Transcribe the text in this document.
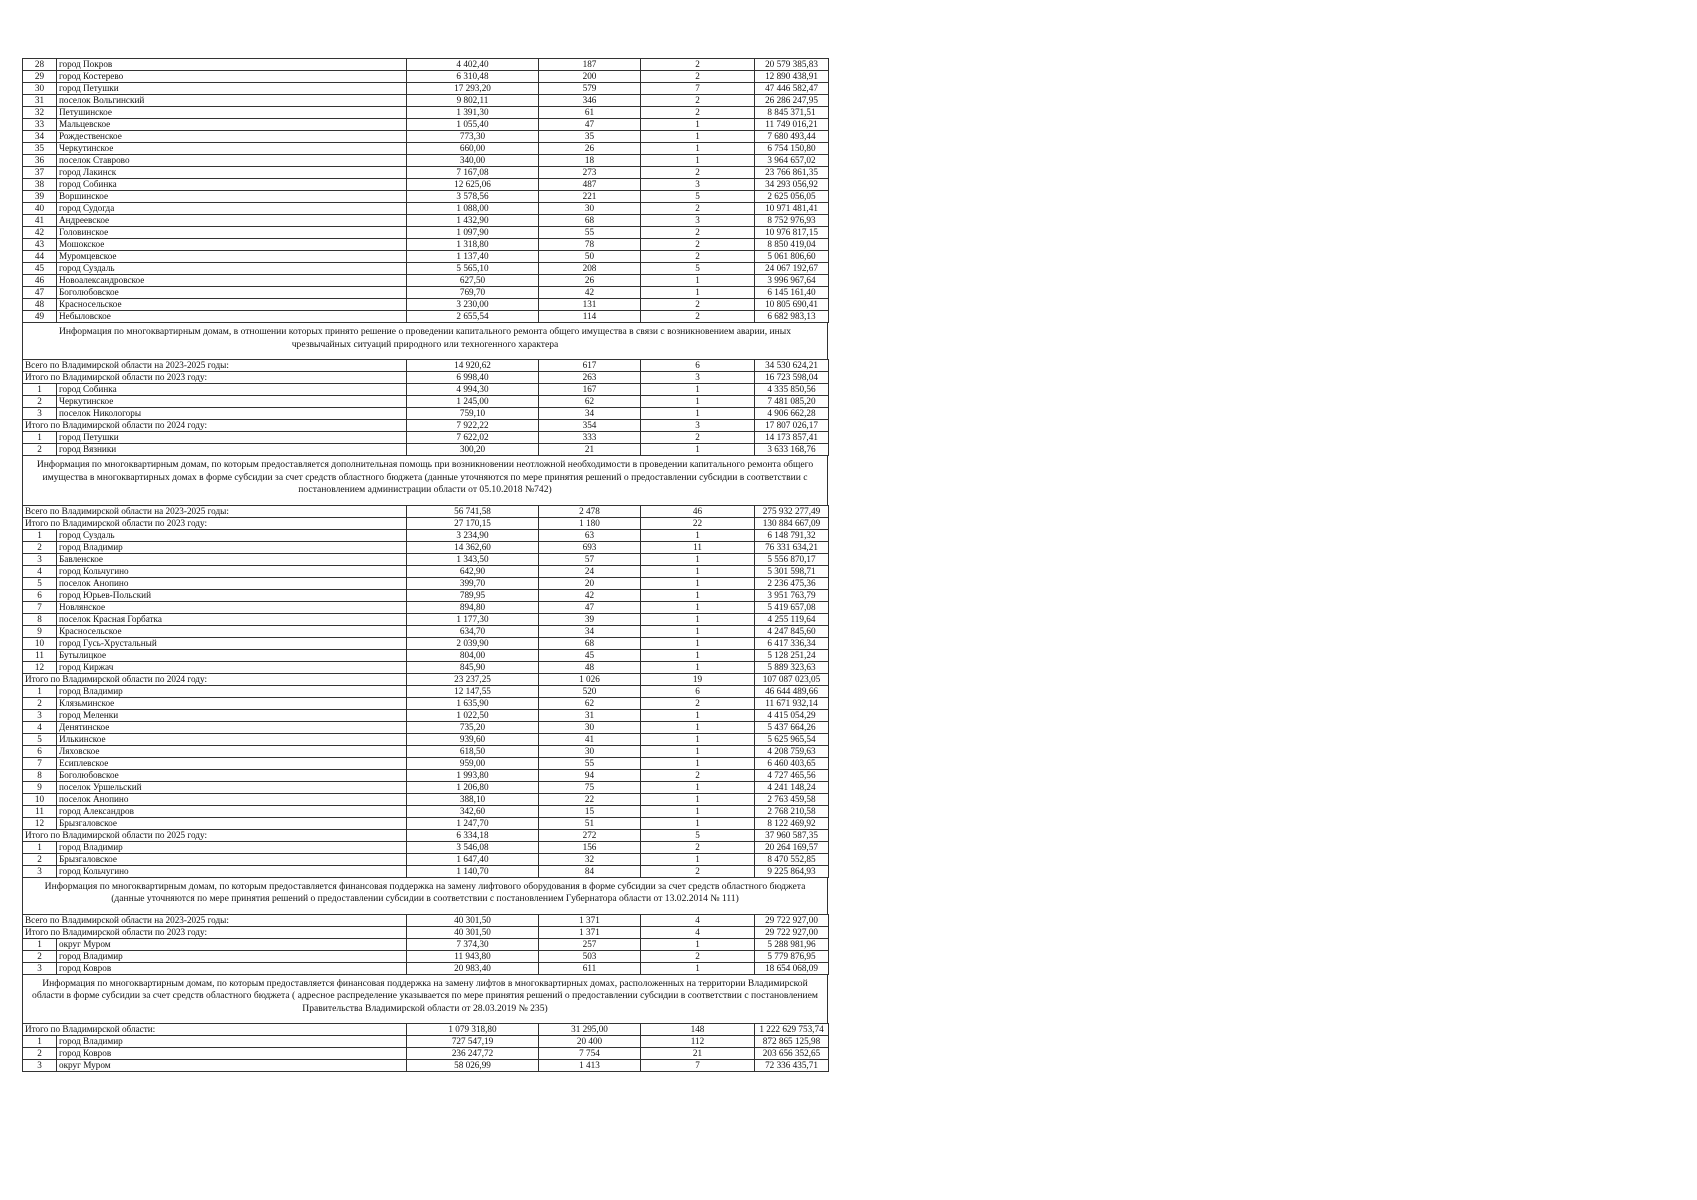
28	город Покров	4 402,40	187	2	20 579 385,83
29	город Костерево	6 310,48	200	2	12 890 438,91
30	город Петушки	17 293,20	579	7	47 446 582,47
31	поселок Вольгинский	9 802,11	346	2	26 286 247,95
32	Петушинское	1 391,30	61	2	8 845 371,51
33	Мальцевское	1 055,40	47	1	11 749 016,21
34	Рождественское	773,30	35	1	7 680 493,44
35	Черкутинское	660,00	26	1	6 754 150,80
36	поселок Ставрово	340,00	18	1	3 964 657,02
37	город Лакинск	7 167,08	273	2	23 766 861,35
38	город Собинка	12 625,06	487	3	34 293 056,92
39	Воршинское	3 578,56	221	5	2 625 056,05
40	город Судогда	1 088,00	30	2	10 971 481,41
41	Андреевское	1 432,90	68	3	8 752 976,93
42	Головинское	1 097,90	55	2	10 976 817,15
43	Мошокское	1 318,80	78	2	8 850 419,04
44	Муромцевское	1 137,40	50	2	5 061 806,60
45	город Суздаль	5 565,10	208	5	24 067 192,67
46	Новоалександровское	627,50	26	1	3 996 967,64
47	Боголюбовское	769,70	42	1	6 145 161,40
48	Красносельское	3 230,00	131	2	10 805 690,41
49	Небыловское	2 655,54	114	2	6 682 983,13
Информация по многоквартирным домам, в отношении которых принято решение о проведении капитального ремонта общего имущества в связи с возникновением аварии, иных чрезвычайных ситуаций природного или техногенного характера
Всего по Владимирской области на 2023-2025 годы:		14 920,62	617	6	34 530 624,21
Итого по Владимирской области по 2023 году:		6 998,40	263	3	16 723 598,04
1	город Собинка	4 994,30	167	1	4 335 850,56
2	Черкутинское	1 245,00	62	1	7 481 085,20
3	поселок Никологоры	759,10	34	1	4 906 662,28
Итого по Владимирской области по 2024 году:		7 922,22	354	3	17 807 026,17
1	город Петушки	7 622,02	333	2	14 173 857,41
2	город Вязники	300,20	21	1	3 633 168,76
Информация по многоквартирным домам, по которым предоставляется дополнительная помощь при возникновении неотложной необходимости в проведении капитального ремонта общего имущества в многоквартирных домах в форме субсидии за счет средств областного бюджета (данные уточняются по мере принятия решений о предоставлении субсидии в соответствии с постановлением администрации области от 05.10.2018 №742)
Всего по Владимирской области на 2023-2025 годы:		56 741,58	2 478	46	275 932 277,49
Итого по Владимирской области по 2023 году:		27 170,15	1 180	22	130 884 667,09
1	город Суздаль	3 234,90	63	1	6 148 791,32
2	город Владимир	14 362,60	693	11	76 331 634,21
3	Бавленское	1 343,50	57	1	5 556 870,17
4	город Кольчугино	642,90	24	1	5 301 598,71
5	поселок Анопино	399,70	20	1	2 236 475,36
6	город Юрьев-Польский	789,95	42	1	3 951 763,79
7	Новлянское	894,80	47	1	5 419 657,08
8	поселок Красная Горбатка	1 177,30	39	1	4 255 119,64
9	Красносельское	634,70	34	1	4 247 845,60
10	город Гусь-Хрустальный	2 039,90	68	1	6 417 336,34
11	Бутылицкое	804,00	45	1	5 128 251,24
12	город Киржач	845,90	48	1	5 889 323,63
Итого по Владимирской области по 2024 году:		23 237,25	1 026	19	107 087 023,05
1	город Владимир	12 147,55	520	6	46 644 489,66
2	Клязьминское	1 635,90	62	2	11 671 932,14
3	город Меленки	1 022,50	31	1	4 415 054,29
4	Денятинское	735,20	30	1	5 437 664,26
5	Илькинское	939,60	41	1	5 625 965,54
6	Ляховское	618,50	30	1	4 208 759,63
7	Есиплевское	959,00	55	1	6 460 403,65
8	Боголюбовское	1 993,80	94	2	4 727 465,56
9	поселок Уршельский	1 206,80	75	1	4 241 148,24
10	поселок Анопино	388,10	22	1	2 763 459,58
11	город Александров	342,60	15	1	2 768 210,58
12	Брызгаловское	1 247,70	51	1	8 122 469,92
Итого по Владимирской области по 2025 году:		6 334,18	272	5	37 960 587,35
1	город Владимир	3 546,08	156	2	20 264 169,57
2	Брызгаловское	1 647,40	32	1	8 470 552,85
3	город Кольчугино	1 140,70	84	2	9 225 864,93
Информация по многоквартирным домам, по которым предоставляется финансовая поддержка на замену лифтового оборудования в форме субсидии за счет средств областного бюджета (данные уточняются по мере принятия решений о предоставлении субсидии в соответствии с постановлением Губернатора области от 13.02.2014 № 111)
Всего по Владимирской области на 2023-2025 годы:		40 301,50	1 371	4	29 722 927,00
Итого по Владимирской области по 2023 году:		40 301,50	1 371	4	29 722 927,00
1	округ Муром	7 374,30	257	1	5 288 981,96
2	город Владимир	11 943,80	503	2	5 779 876,95
3	город Ковров	20 983,40	611	1	18 654 068,09
Информация по многоквартирным домам, по которым предоставляется финансовая поддержка на замену лифтов в многоквартирных домах, расположенных на территории Владимирской области в форме субсидии за счет средств областного бюджета ( адресное распределение указывается по мере принятия решений о предоставлении субсидии в соответствии с постановлением Правительства Владимирской области от 28.03.2019 № 235)
Итого по Владимирской области:		1 079 318,80	31 295,00	148	1 222 629 753,74
1	город Владимир	727 547,19	20 400	112	872 865 125,98
2	город Ковров	236 247,72	7 754	21	203 656 352,65
3	округ Муром	58 026,99	1 413	7	72 336 435,71
